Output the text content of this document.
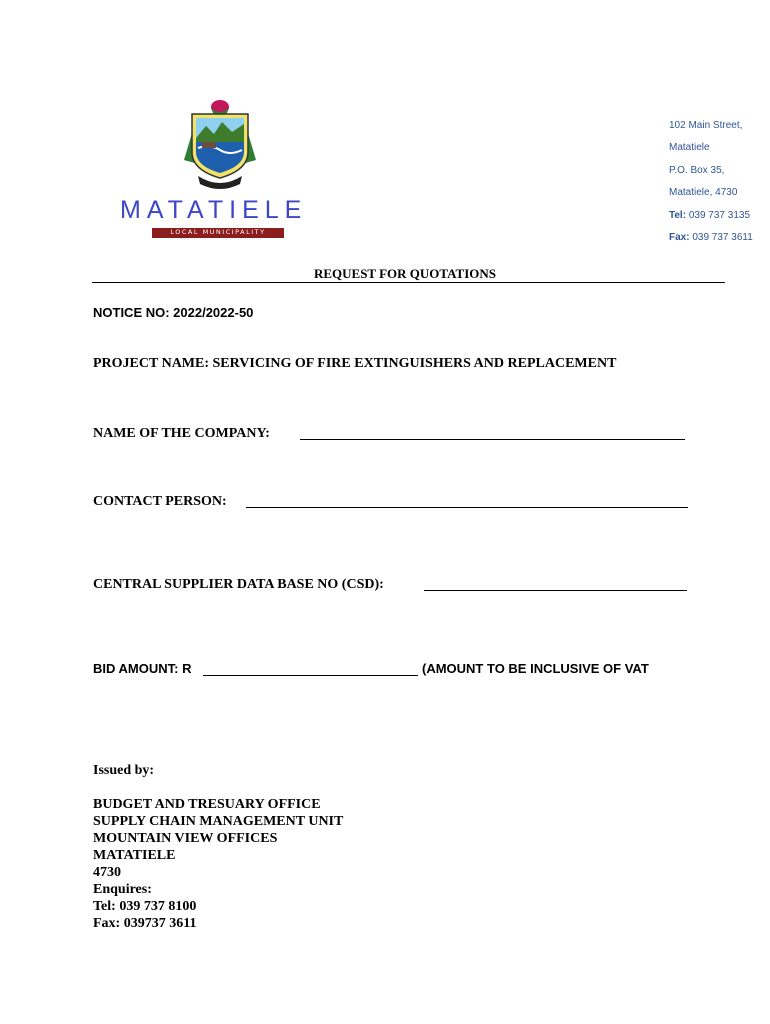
MATATIELE
LOCAL MUNICIPALITY
102 Main Street,
Matatiele
P.O. Box 35,
Matatiele, 4730
Tel: 039 737 3135
Fax: 039 737 3611
REQUEST FOR QUOTATIONS
NOTICE NO: 2022/2022-50
PROJECT NAME: SERVICING OF FIRE EXTINGUISHERS AND REPLACEMENT
NAME OF THE COMPANY:
CONTACT PERSON:
CENTRAL SUPPLIER DATA BASE NO (CSD):
BID AMOUNT: R	(AMOUNT TO BE INCLUSIVE OF VAT
Issued by:

BUDGET AND TRESUARY OFFICE

SUPPLY CHAIN MANAGEMENT UNIT

MOUNTAIN VIEW OFFICES

MATATIELE

4730

Enquires:

Tel: 039 737 8100

Fax: 039737 3611
